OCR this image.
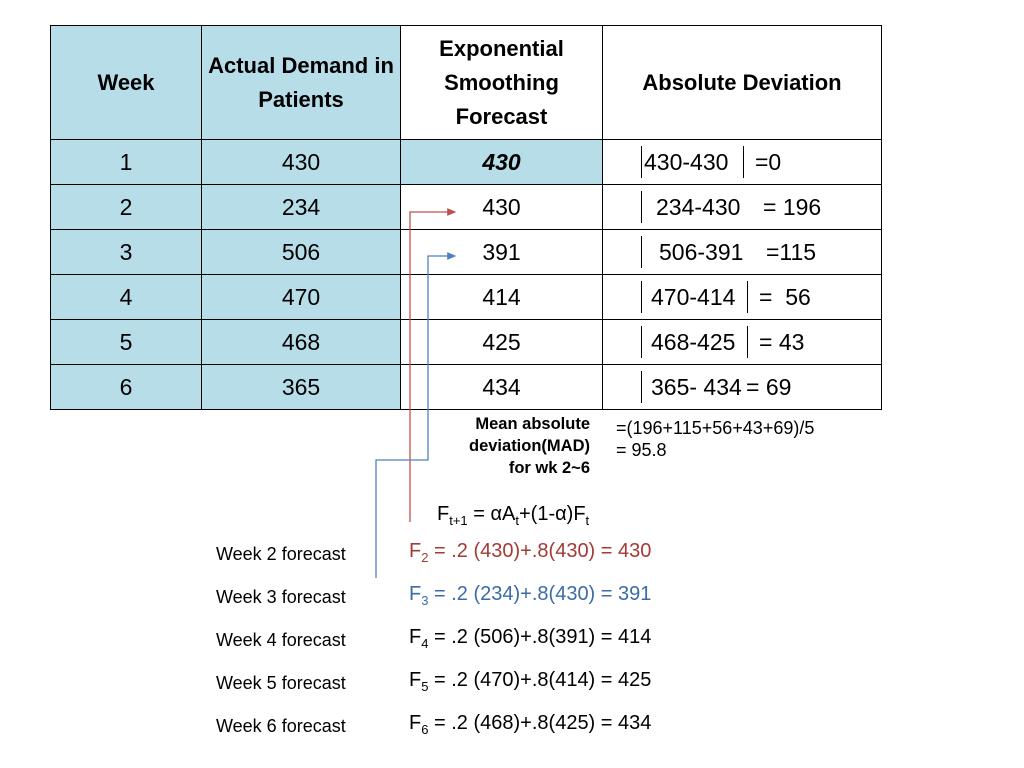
Week	Actual Demand in Patients	Exponential Smoothing Forecast	Absolute Deviation
1	430	430	430-430 =0

2	234	430	234-430 = 196

3	506	391	506-391 =115

4	470	414	470-414 =  56

5	468	425	468-425 = 43

6	365	434	365- 434 = 69
Mean absolute
deviation(MAD)
for wk 2~6
=(196+115+56+43+69)/5
= 95.8
$F_{t+1} = \alpha A_t+(1-\alpha)F_t$
Week 2 forecast	$F_2 = .2$ (430)+.8(430) = 430
Week 3 forecast	$F_3 = .2$ (234)+.8(430) = 391
Week 4 forecast	$F_4 = .2$ (506)+.8(391) = 414
Week 5 forecast	$F_5 = .2$ (470)+.8(414) = 425
Week 6 forecast	$F_6 = .2$ (468)+.8(425) = 434
